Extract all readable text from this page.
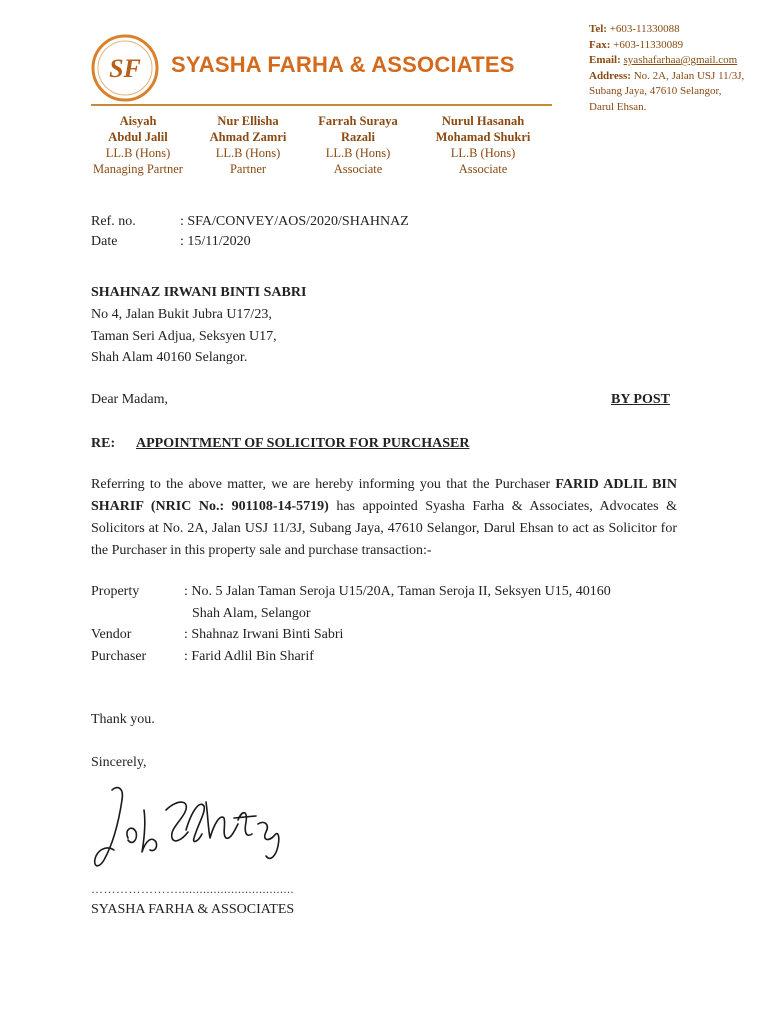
SF SYASHA FARHA & ASSOCIATES
Aisyah
Abdul Jalil
LL.B (Hons)
Managing Partner
Nur Ellisha
Ahmad Zamri
LL.B (Hons)
Partner
Farrah Suraya
Razali
LL.B (Hons)
Associate
Nurul Hasanah
Mohamad Shukri
LL.B (Hons)
Associate
Tel: +603-11330088
Fax: +603-11330089
Email: syashafarhaa@gmail.com
Address: No. 2A, Jalan USJ 11/3J,
Subang Jaya, 47610 Selangor,
Darul Ehsan.
Ref. no.	: SFA/CONVEY/AOS/2020/SHAHNAZ
Date	: 15/11/2020
SHAHNAZ IRWANI BINTI SABRI
No 4, Jalan Bukit Jubra U17/23,
Taman Seri Adjua, Seksyen U17,
Shah Alam 40160 Selangor.
Dear Madam,	BY POST
RE: APPOINTMENT OF SOLICITOR FOR PURCHASER
Referring to the above matter, we are hereby informing you that the Purchaser FARID ADLIL BIN SHARIF (NRIC No.: 901108-14-5719) has appointed Syasha Farha & Associates, Advocates & Solicitors at No. 2A, Jalan USJ 11/3J, Subang Jaya, 47610 Selangor, Darul Ehsan to act as Solicitor for the Purchaser in this property sale and purchase transaction:-
Property	: No. 5 Jalan Taman Seroja U15/20A, Taman Seroja II, Seksyen U15, 40160
Shah Alam, Selangor
Vendor	: Shahnaz Irwani Binti Sabri
Purchaser	: Farid Adlil Bin Sharif
Thank you.
Sincerely,
………………….................................
SYASHA FARHA & ASSOCIATES
